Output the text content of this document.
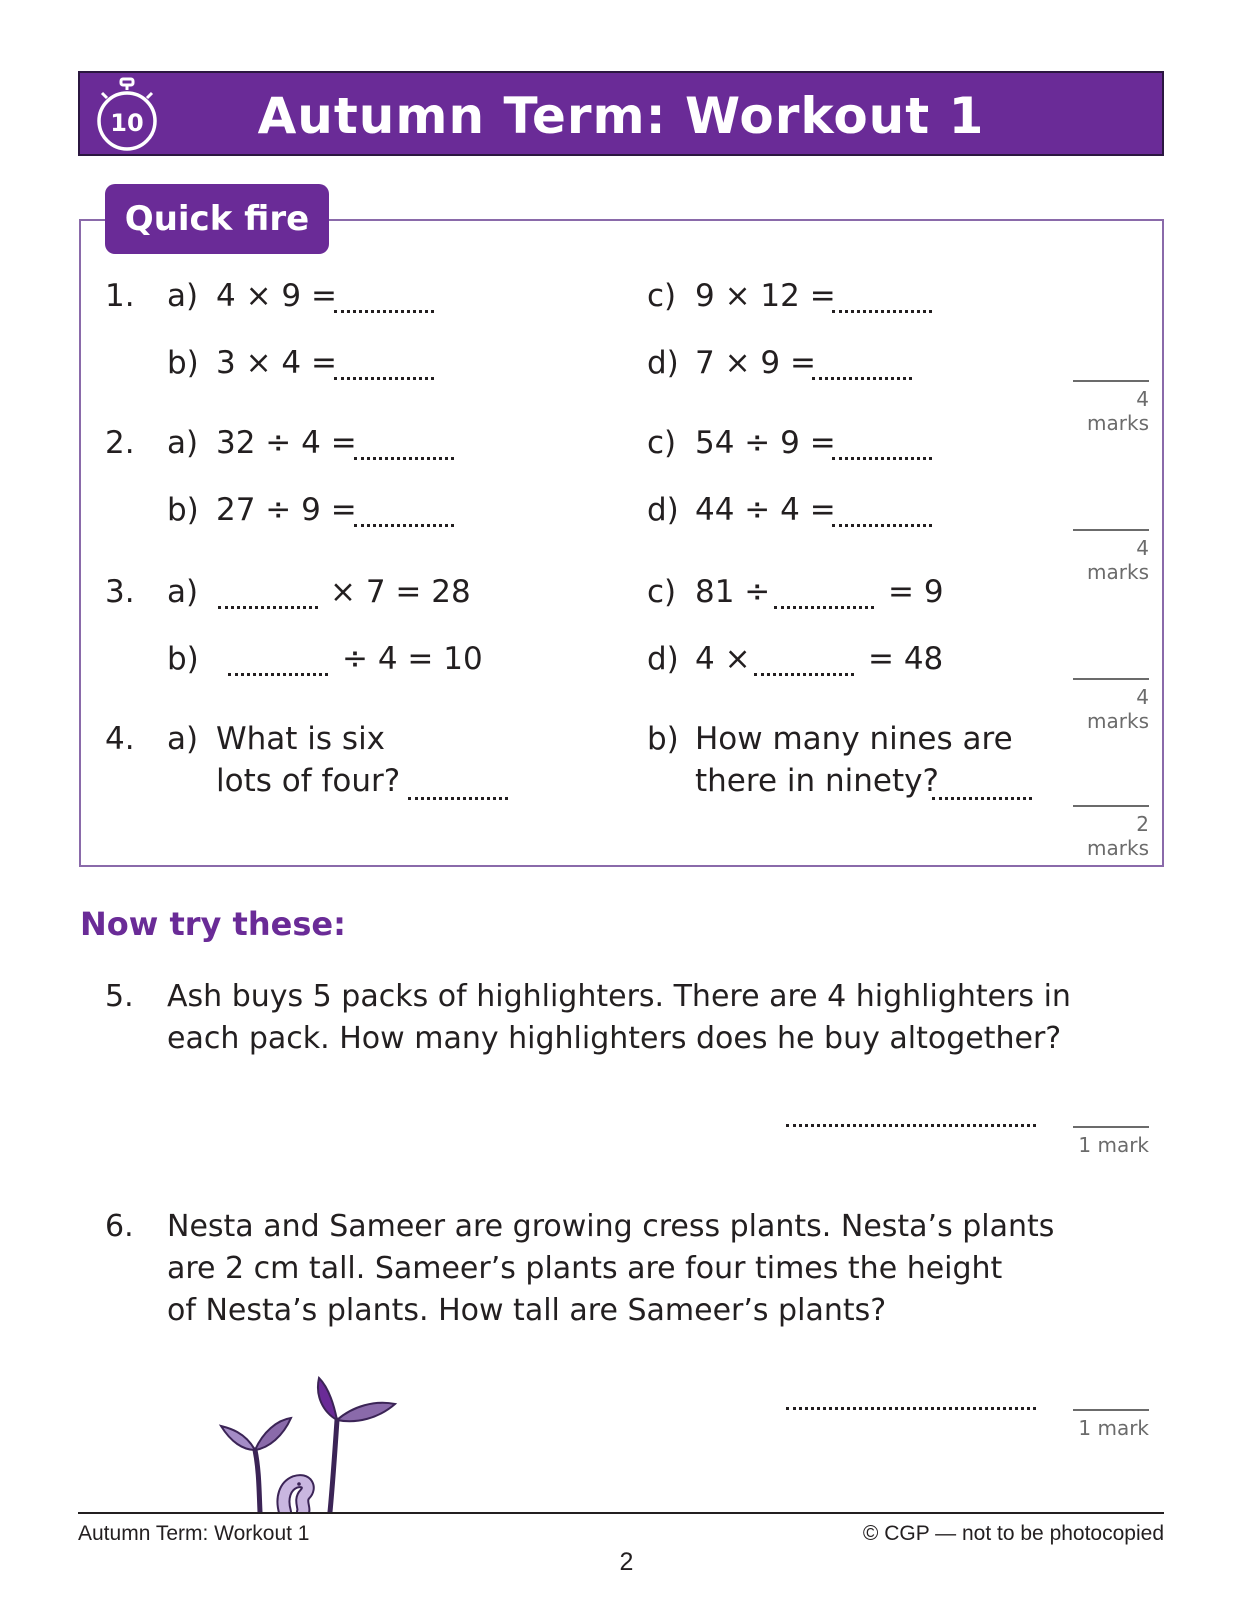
10	Autumn Term: Workout 1
Quick fire
1. a) 4 × 9 =	c) 9 × 12 =
b) 3 × 4 =	d) 7 × 9 =
4 marks
2. a) 32 ÷ 4 =	c) 54 ÷ 9 =
b) 27 ÷ 9 =	d) 44 ÷ 4 =
4 marks
3. a)	× 7 = 28	c) 81 ÷	= 9
b)	÷ 4 = 10	d) 4 ×	= 48
4 marks
4. a) What is six
lots of four?
b) How many nines are
there in ninety?
2 marks
Now try these:
5. Ash buys 5 packs of highlighters. There are 4 highlighters in
each pack. How many highlighters does he buy altogether?
1 mark
6. Nesta and Sameer are growing cress plants. Nesta’s plants
are 2 cm tall. Sameer’s plants are four times the height
of Nesta’s plants. How tall are Sameer’s plants?
1 mark
Autumn Term: Workout 1	© CGP — not to be photocopied
2
